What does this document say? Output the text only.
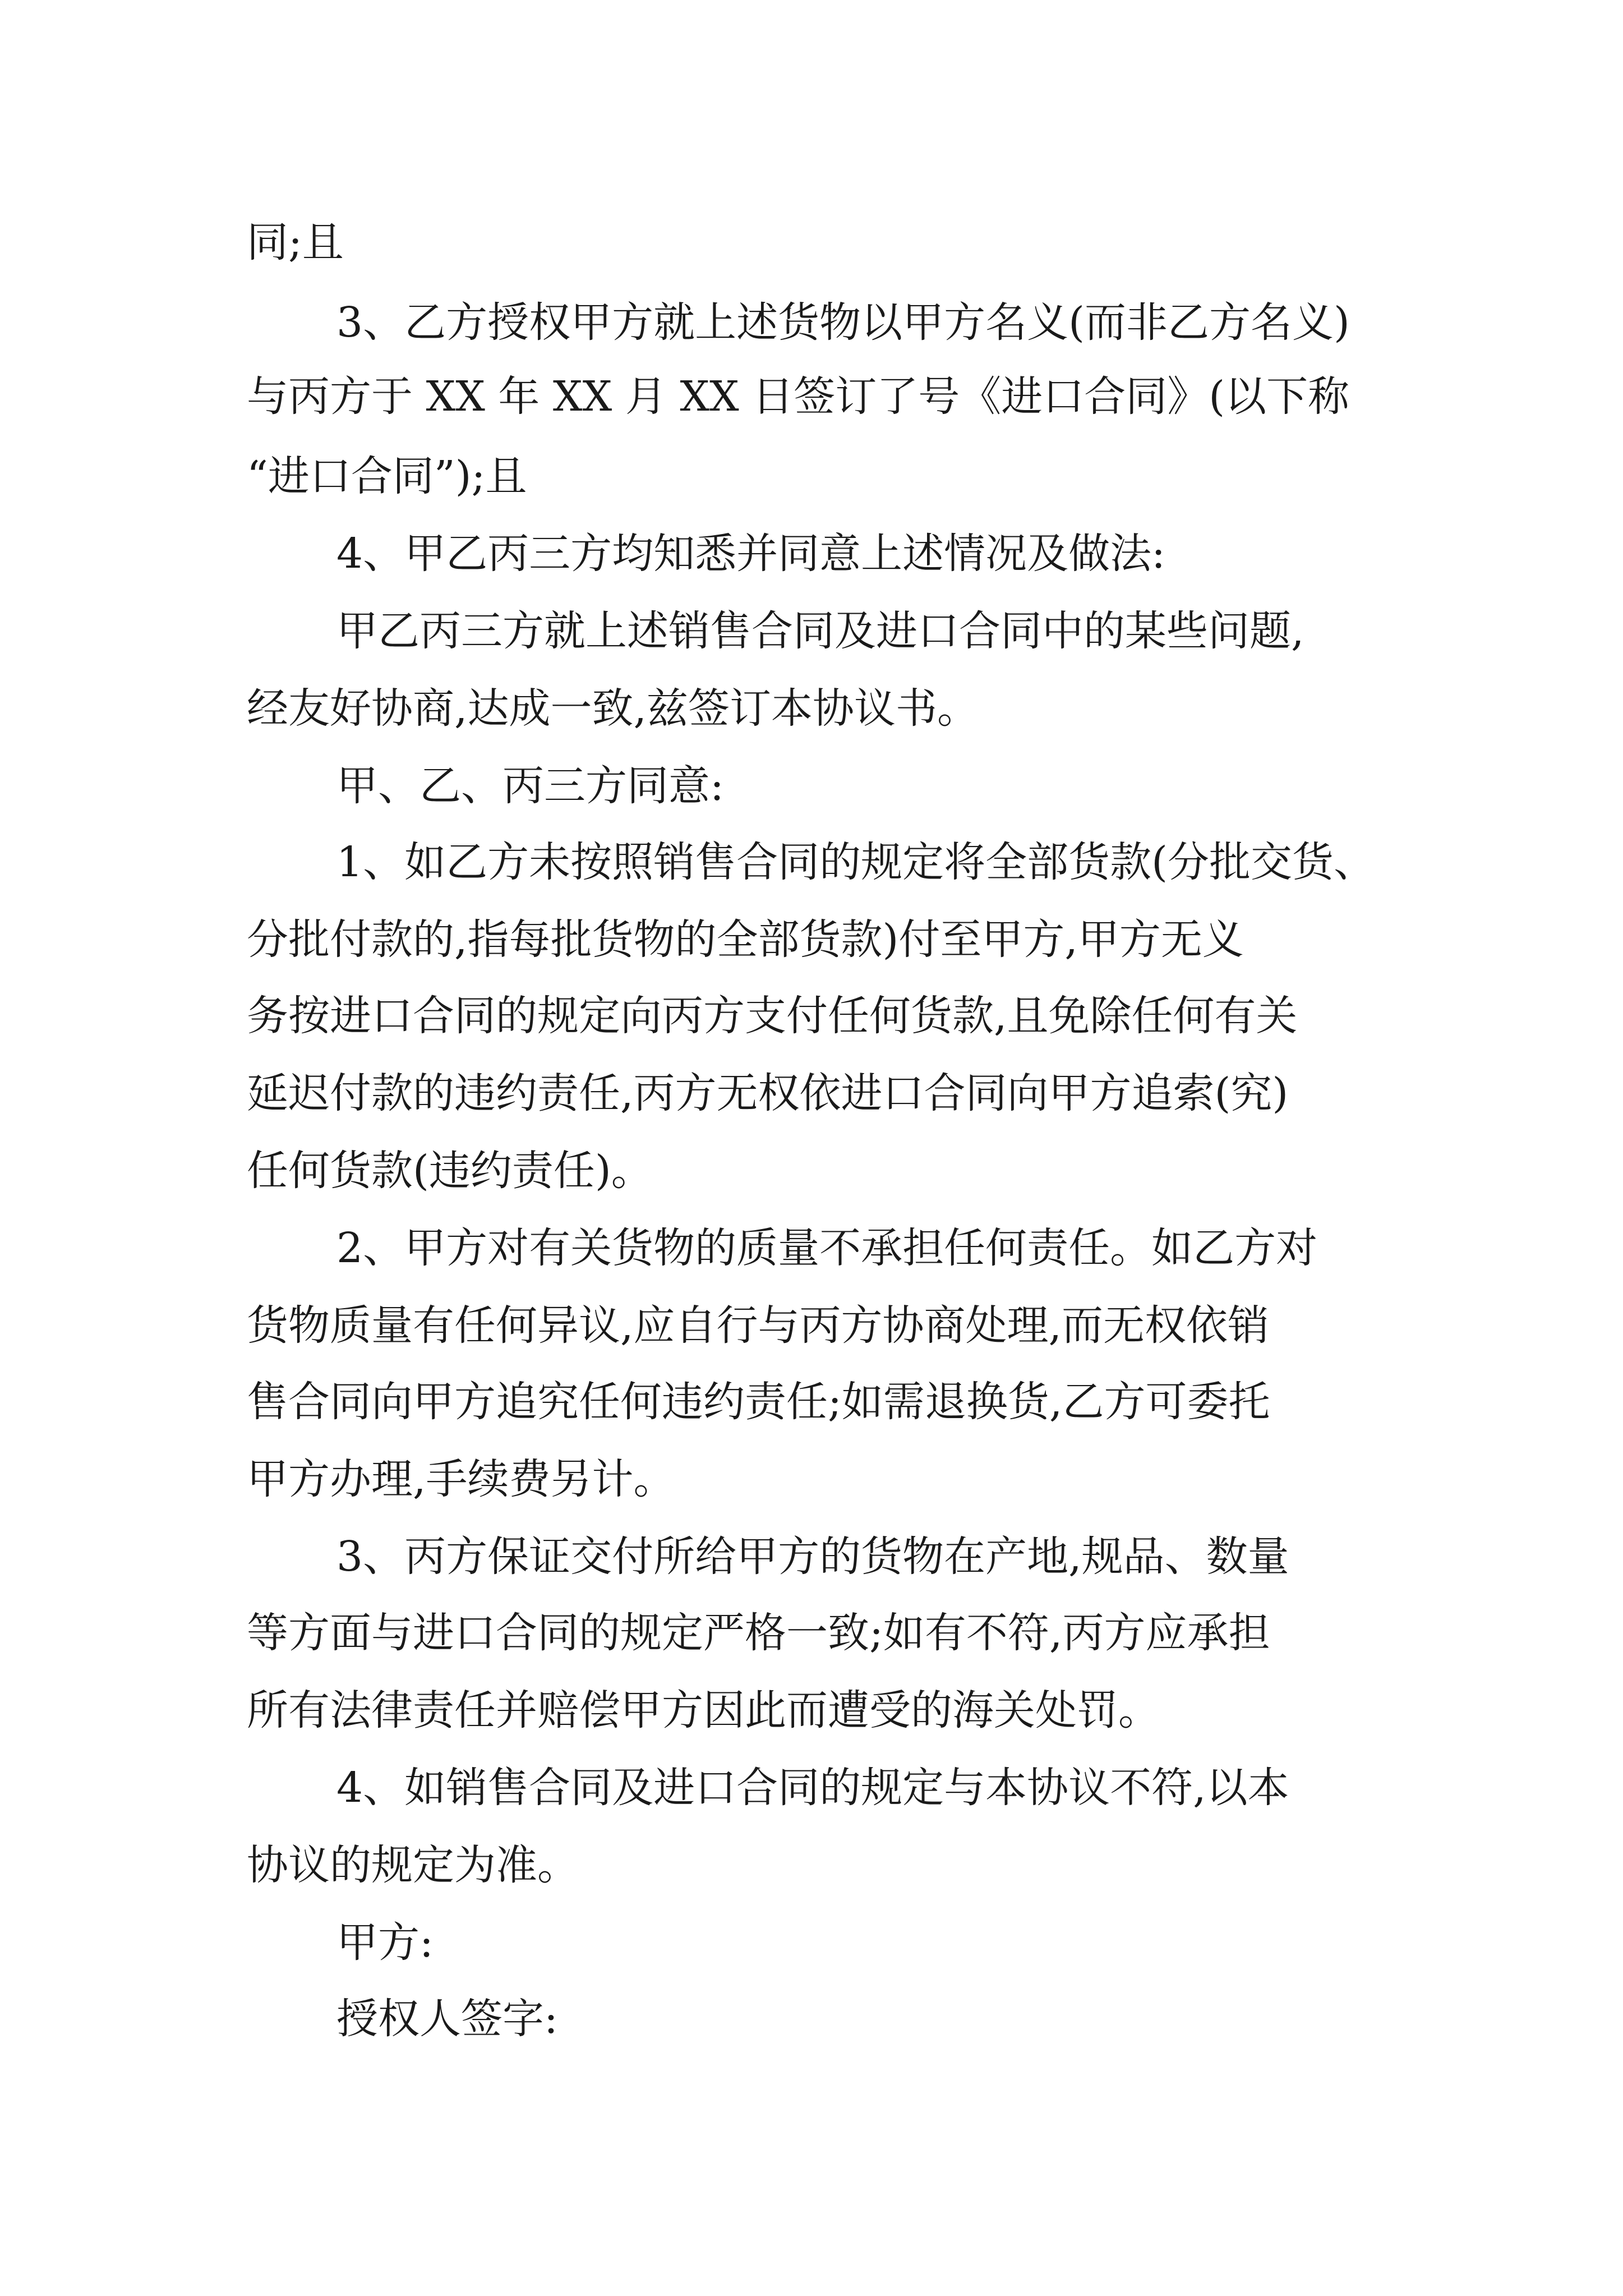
同;且
3、乙方授权甲方就上述货物以甲方名义(而非乙方名义)
与丙方于 XX 年 XX 月 XX 日签订了号《进口合同》(以下称
“进口合同”);且
4、甲乙丙三方均知悉并同意上述情况及做法:
甲乙丙三方就上述销售合同及进口合同中的某些问题,
经友好协商,达成一致,兹签订本协议书。
甲、乙、丙三方同意:
1、如乙方未按照销售合同的规定将全部货款(分批交货、
分批付款的,指每批货物的全部货款)付至甲方,甲方无义
务按进口合同的规定向丙方支付任何货款,且免除任何有关
延迟付款的违约责任,丙方无权依进口合同向甲方追索(究)
任何货款(违约责任)。
2、甲方对有关货物的质量不承担任何责任。如乙方对
货物质量有任何异议,应自行与丙方协商处理,而无权依销
售合同向甲方追究任何违约责任;如需退换货,乙方可委托
甲方办理,手续费另计。
3、丙方保证交付所给甲方的货物在产地,规品、数量
等方面与进口合同的规定严格一致;如有不符,丙方应承担
所有法律责任并赔偿甲方因此而遭受的海关处罚。
4、如销售合同及进口合同的规定与本协议不符,以本
协议的规定为准。
甲方:
授权人签字:
